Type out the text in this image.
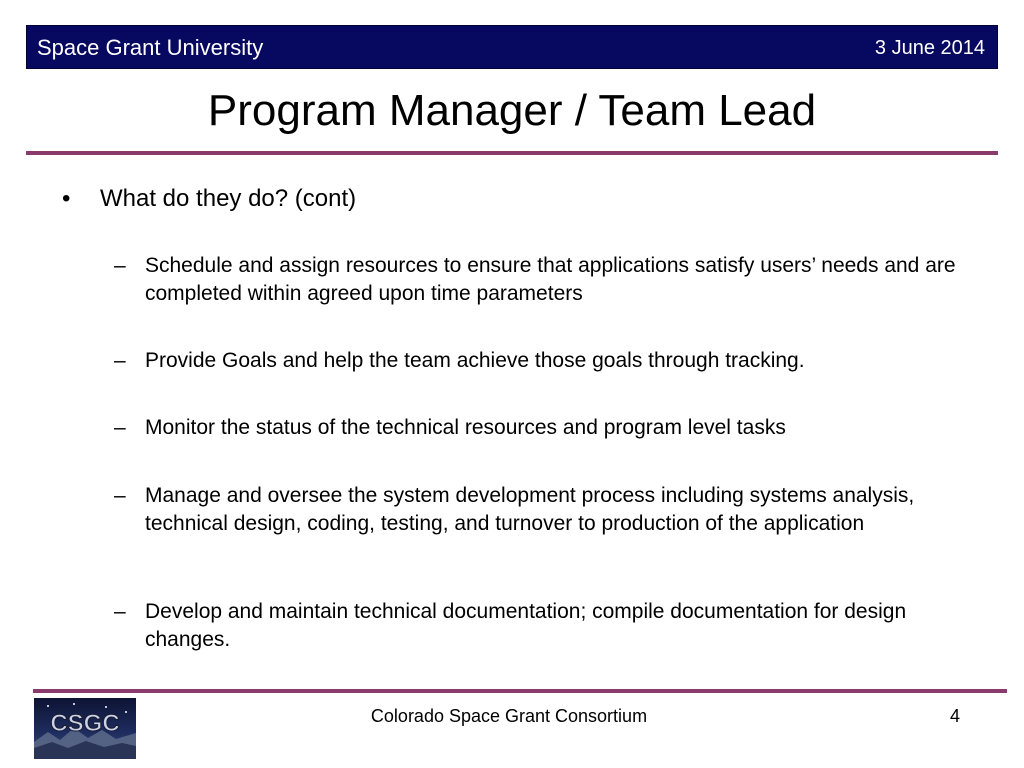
Space Grant University	3 June 2014
Program Manager / Team Lead
• What do they do? (cont)
– Schedule and assign resources to ensure that applications satisfy users’ needs and are completed within agreed upon time parameters
– Provide Goals and help the team achieve those goals through tracking.
– Monitor the status of the technical resources and program level tasks
– Manage and oversee the system development process including systems analysis, technical design, coding, testing, and turnover to production of the application
– Develop and maintain technical documentation; compile documentation for design changes.
CSGC	Colorado Space Grant Consortium	4
